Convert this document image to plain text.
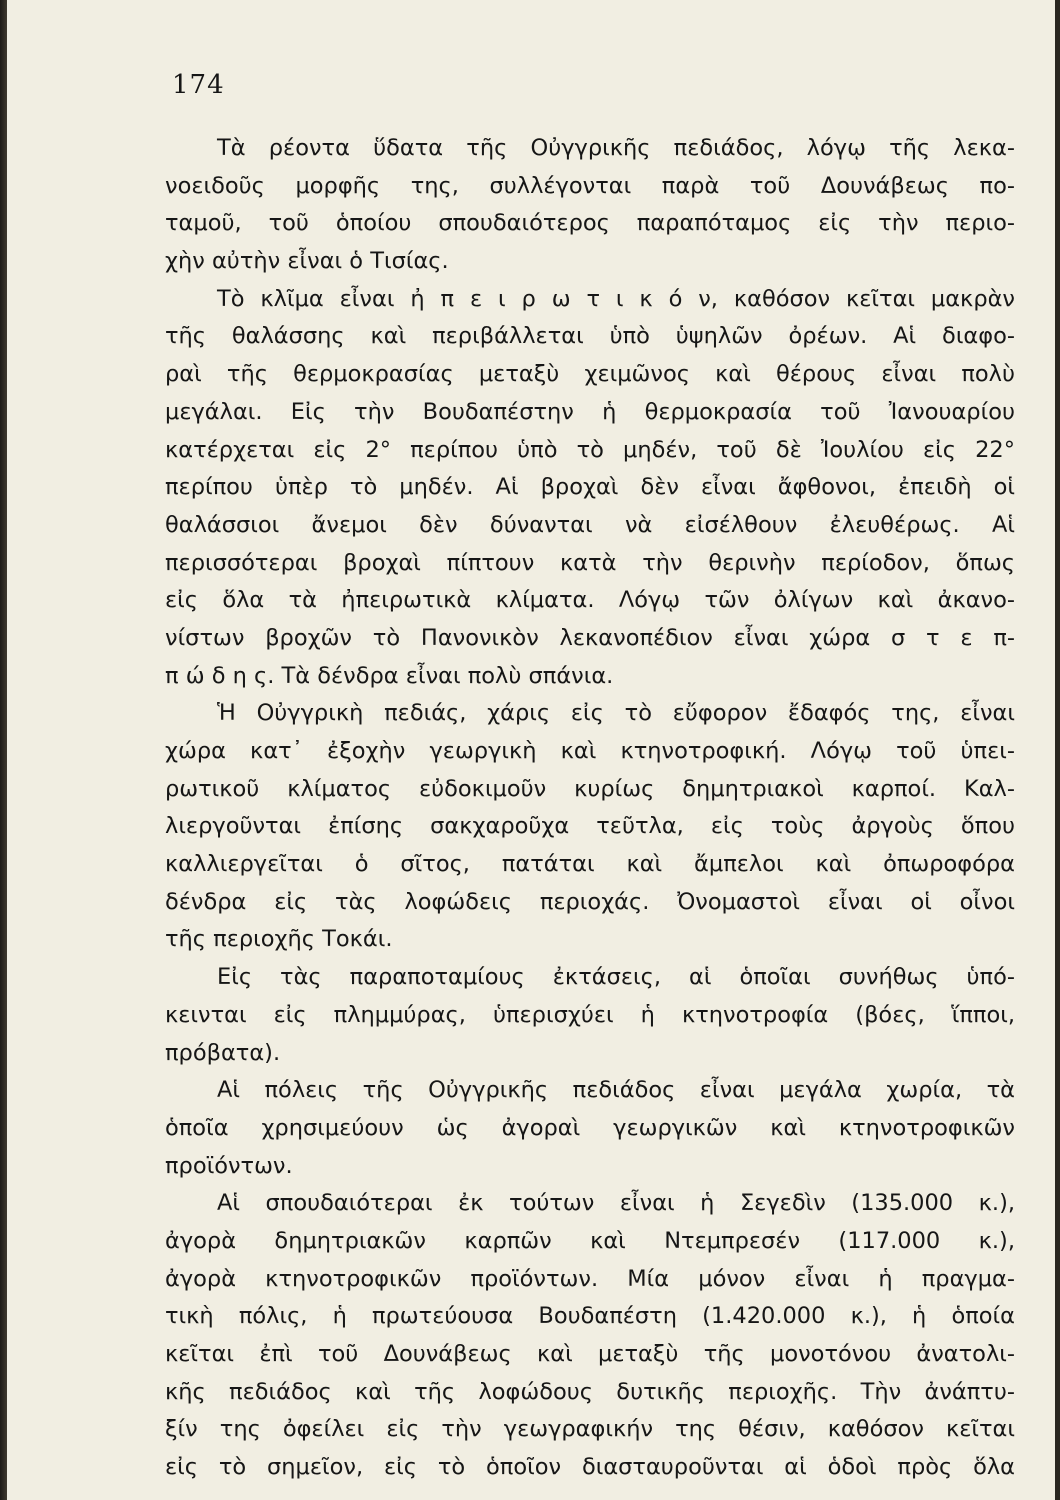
174
Τὰ ρέοντα ὕδατα τῆς Οὐγγρικῆς πεδιάδος, λόγῳ τῆς λεκα-
νοειδοῦς μορφῆς της, συλλέγονται παρὰ τοῦ Δουνάβεως πο-
ταμοῦ, τοῦ ὁποίου σπουδαιότερος παραπόταμος εἰς τὴν περιο-
χὴν αὐτὴν εἶναι ὁ Τισίας.
Τὸ κλῖμα εἶναι ἠ π ε ι ρ ω τ ι κ ό ν, καθόσον κεῖται μακρὰν
τῆς θαλάσσης καὶ περιβάλλεται ὑπὸ ὑψηλῶν ὀρέων. Αἱ διαφο-
ραὶ τῆς θερμοκρασίας μεταξὺ χειμῶνος καὶ θέρους εἶναι πολὺ
μεγάλαι. Εἰς τὴν Βουδαπέστην ἡ θερμοκρασία τοῦ Ἰανουαρίου
κατέρχεται εἰς 2° περίπου ὑπὸ τὸ μηδέν, τοῦ δὲ Ἰουλίου εἰς 22°
περίπου ὑπὲρ τὸ μηδέν. Αἱ βροχαὶ δὲν εἶναι ἄφθονοι, ἐπειδὴ οἱ
θαλάσσιοι ἄνεμοι δὲν δύνανται νὰ εἰσέλθουν ἐλευθέρως. Αἱ
περισσότεραι βροχαὶ πίπτουν κατὰ τὴν θερινὴν περίοδον, ὅπως
εἰς ὅλα τὰ ἠπειρωτικὰ κλίματα. Λόγῳ τῶν ὀλίγων καὶ ἀκανο-
νίστων βροχῶν τὸ Πανονικὸν λεκανοπέδιον εἶναι χώρα σ τ ε π-
π ώ δ η ς. Τὰ δένδρα εἶναι πολὺ σπάνια.
Ἡ Οὐγγρικὴ πεδιάς, χάρις εἰς τὸ εὔφορον ἔδαφός της, εἶναι
χώρα κατ᾽ ἐξοχὴν γεωργικὴ καὶ κτηνοτροφική. Λόγῳ τοῦ ὑπει-
ρωτικοῦ κλίματος εὐδοκιμοῦν κυρίως δημητριακοὶ καρποί. Καλ-
λιεργοῦνται ἐπίσης σακχαροῦχα τεῦτλα, εἰς τοὺς ἀργοὺς ὅπου
καλλιεργεῖται ὁ σῖτος, πατάται καὶ ἄμπελοι καὶ ὀπωροφόρα
δένδρα εἰς τὰς λοφώδεις περιοχάς. Ὀνομαστοὶ εἶναι οἱ οἶνοι
τῆς περιοχῆς Τοκάι.
Εἰς τὰς παραποταμίους ἐκτάσεις, αἱ ὁποῖαι συνήθως ὑπό-
κεινται εἰς πλημμύρας, ὑπερισχύει ἡ κτηνοτροφία (βόες, ἵπποι,
πρόβατα).
Αἱ πόλεις τῆς Οὐγγρικῆς πεδιάδος εἶναι μεγάλα χωρία, τὰ
ὁποῖα χρησιμεύουν ὡς ἀγοραὶ γεωργικῶν καὶ κτηνοτροφικῶν
προϊόντων.
Αἱ σπουδαιότεραι ἐκ τούτων εἶναι ἡ Σεγεδὶν (135.000 κ.),
ἀγορὰ δημητριακῶν καρπῶν καὶ Ντεμπρεσέν (117.000 κ.),
ἀγορὰ κτηνοτροφικῶν προϊόντων. Μία μόνον εἶναι ἡ πραγμα-
τικὴ πόλις, ἡ πρωτεύουσα Βουδαπέστη (1.420.000 κ.), ἡ ὁποία
κεῖται ἐπὶ τοῦ Δουνάβεως καὶ μεταξὺ τῆς μονοτόνου ἀνατολι-
κῆς πεδιάδος καὶ τῆς λοφώδους δυτικῆς περιοχῆς. Τὴν ἀνάπτυ-
ξίν της ὀφείλει εἰς τὴν γεωγραφικήν της θέσιν, καθόσον κεῖται
εἰς τὸ σημεῖον, εἰς τὸ ὁποῖον διασταυροῦνται αἱ ὁδοὶ πρὸς ὅλα
